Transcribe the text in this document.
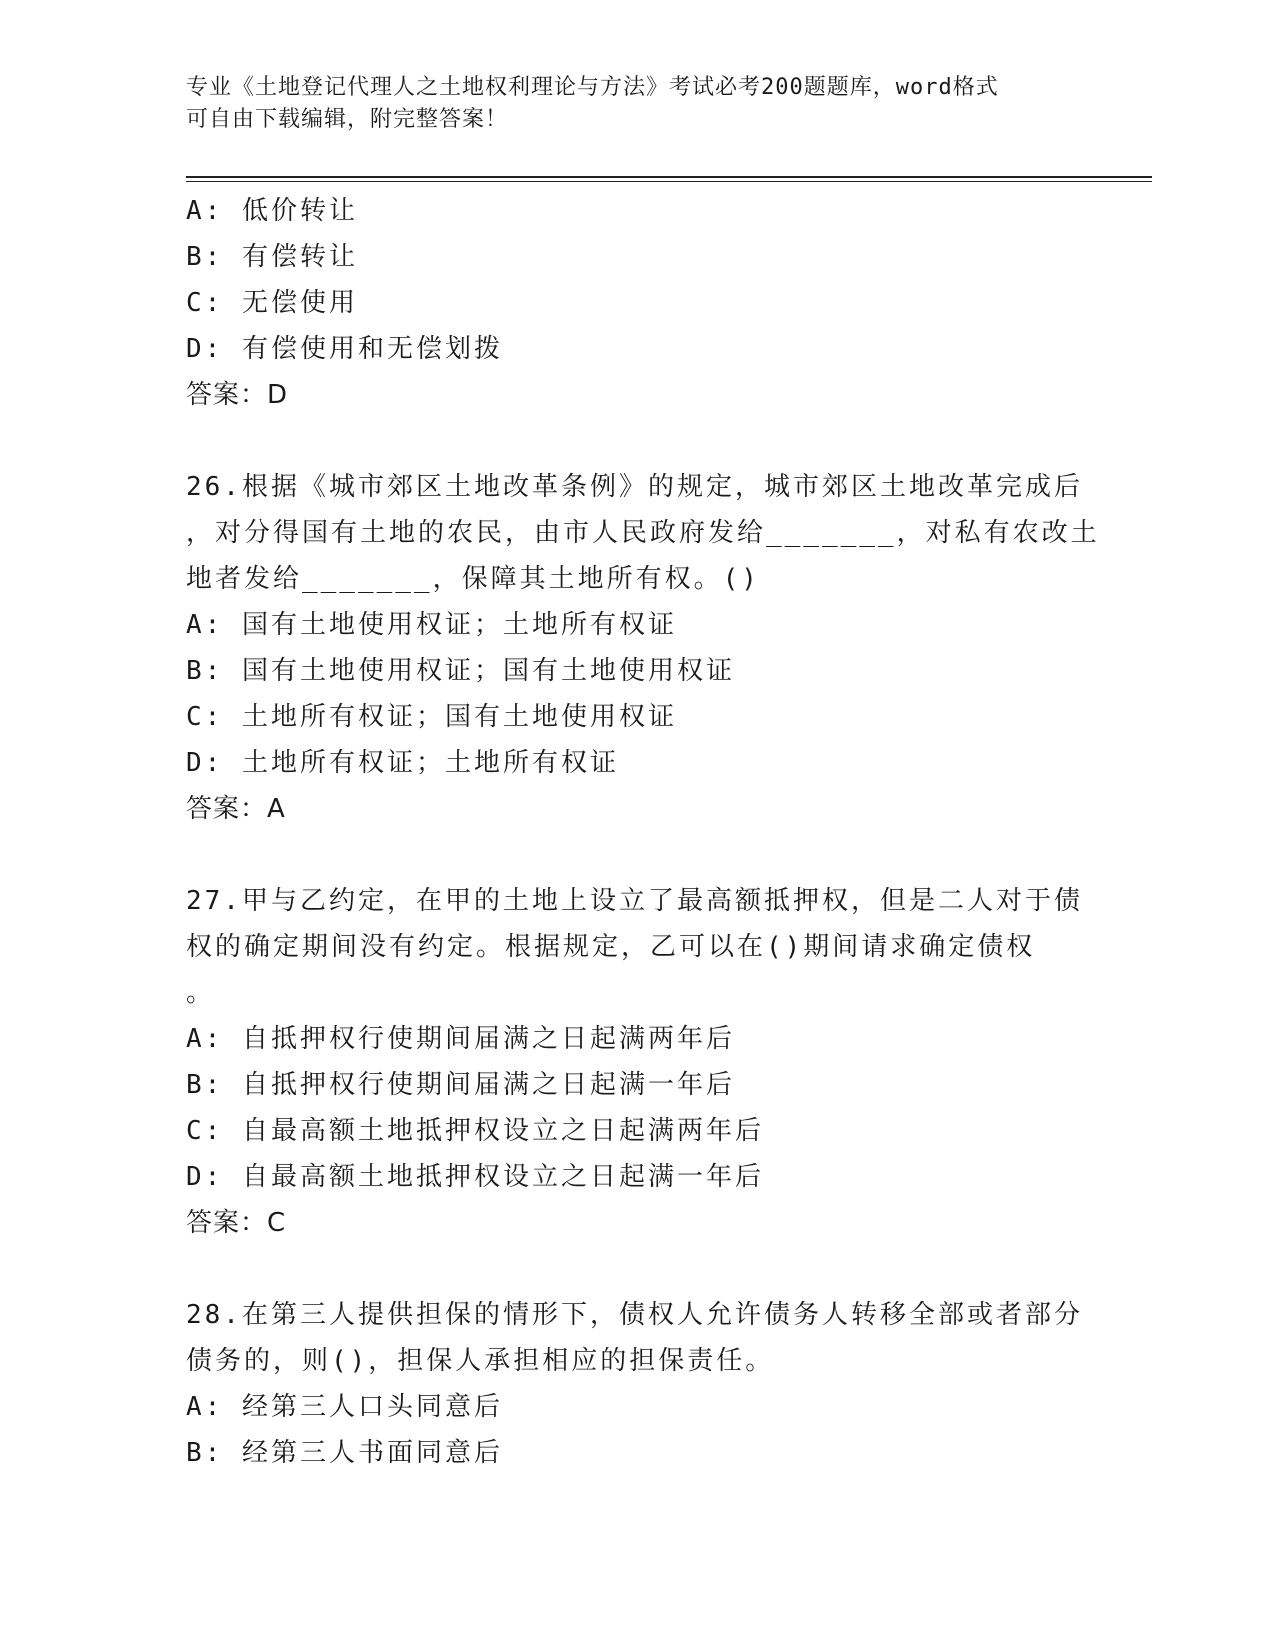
专业《土地登记代理人之土地权利理论与方法》考试必考200题题库，word格式
可自由下载编辑，附完整答案！
A: 低价转让
B: 有偿转让
C: 无偿使用
D: 有偿使用和无偿划拨
答案：D
26.根据《城市郊区土地改革条例》的规定，城市郊区土地改革完成后
，对分得国有土地的农民，由市人民政府发给_______，对私有农改土
地者发给_______，保障其土地所有权。()
A: 国有土地使用权证；土地所有权证
B: 国有土地使用权证；国有土地使用权证
C: 土地所有权证；国有土地使用权证
D: 土地所有权证；土地所有权证
答案：A
27.甲与乙约定，在甲的土地上设立了最高额抵押权，但是二人对于债
权的确定期间没有约定。根据规定，乙可以在()期间请求确定债权
。
A: 自抵押权行使期间届满之日起满两年后
B: 自抵押权行使期间届满之日起满一年后
C: 自最高额土地抵押权设立之日起满两年后
D: 自最高额土地抵押权设立之日起满一年后
答案：C
28.在第三人提供担保的情形下，债权人允许债务人转移全部或者部分
债务的，则()，担保人承担相应的担保责任。
A: 经第三人口头同意后
B: 经第三人书面同意后
